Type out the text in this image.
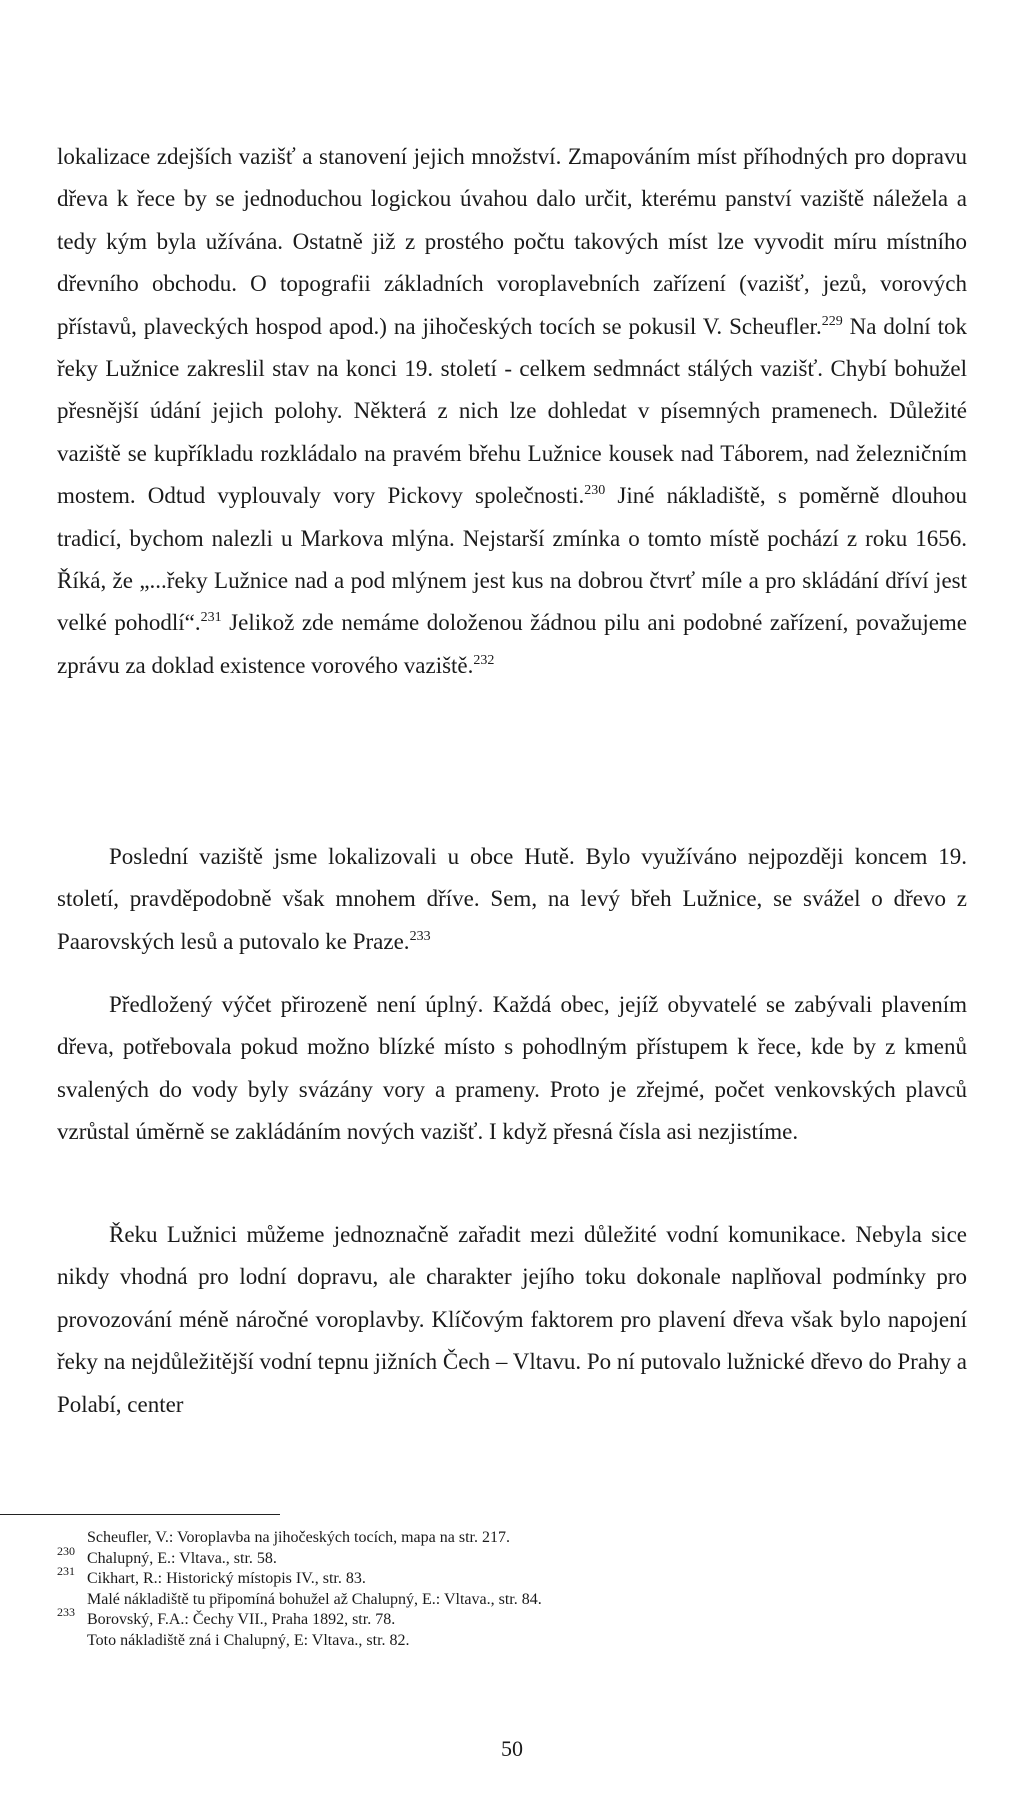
lokalizace zdejších vazišť a stanovení jejich množství. Zmapováním míst příhodných pro dopravu dřeva k řece by se jednoduchou logickou úvahou dalo určit, kterému panství vaziště náležela a tedy kým byla užívána. Ostatně již z prostého počtu takových míst lze vyvodit míru místního dřevního obchodu. O topografii základních voroplavebních zařízení (vazišť, jezů, vorových přístavů, plaveckých hospod apod.) na jihočeských tocích se pokusil V. Scheufler.$^{229}$ Na dolní tok řeky Lužnice zakreslil stav na konci 19. století - celkem sedmnáct stálých vazišť. Chybí bohužel přesnější údání jejich polohy. Některá z nich lze dohledat v písemných pramenech. Důležité vaziště se kupříkladu rozkládalo na pravém břehu Lužnice kousek nad Táborem, nad železničním mostem. Odtud vyplouvaly vory Pickovy společnosti.$^{230}$ Jiné nákladiště, s poměrně dlouhou tradicí, bychom nalezli u Markova mlýna. Nejstarší zmínka o tomto místě pochází z roku 1656. Říká, že „...řeky Lužnice nad a pod mlýnem jest kus na dobrou čtvrť míle a pro skládání dříví jest velké pohodlí“.$^{231}$ Jelikož zde nemáme doloženou žádnou pilu ani podobné zařízení, považujeme zprávu za doklad existence vorového vaziště.$^{232}$

Poslední vaziště jsme lokalizovali u obce Hutě. Bylo využíváno nejpozději koncem 19. století, pravděpodobně však mnohem dříve. Sem, na levý břeh Lužnice, se svážel o dřevo z Paarovských lesů a putovalo ke Praze.$^{233}$

Předložený výčet přirozeně není úplný. Každá obec, jejíž obyvatelé se zabývali plavením dřeva, potřebovala pokud možno blízké místo s pohodlným přístupem k řece, kde by z kmenů svalených do vody byly svázány vory a prameny. Proto je zřejmé, počet venkovských plavců vzrůstal úměrně se zakládáním nových vazišť. I když přesná čísla asi nezjistíme.

Řeku Lužnici můžeme jednoznačně zařadit mezi důležité vodní komunikace. Nebyla sice nikdy vhodná pro lodní dopravu, ale charakter jejího toku dokonale naplňoval podmínky pro provozování méně náročné voroplavby. Klíčovým faktorem pro plavení dřeva však bylo napojení řeky na nejdůležitější vodní tepnu jižních Čech – Vltavu. Po ní putovalo lužnické dřevo do Prahy a Polabí, center

Scheufler, V.: Voroplavba na jihočeských tocích, mapa na str. 217.
230 Chalupný, E.: Vltava., str. 58.
231 Cikhart, R.: Historický místopis IV., str. 83.
Malé nákladiště tu připomíná bohužel až Chalupný, E.: Vltava., str. 84.
233 Borovský, F.A.: Čechy VII., Praha 1892, str. 78.
Toto nákladiště zná i Chalupný, E: Vltava., str. 82.
50
